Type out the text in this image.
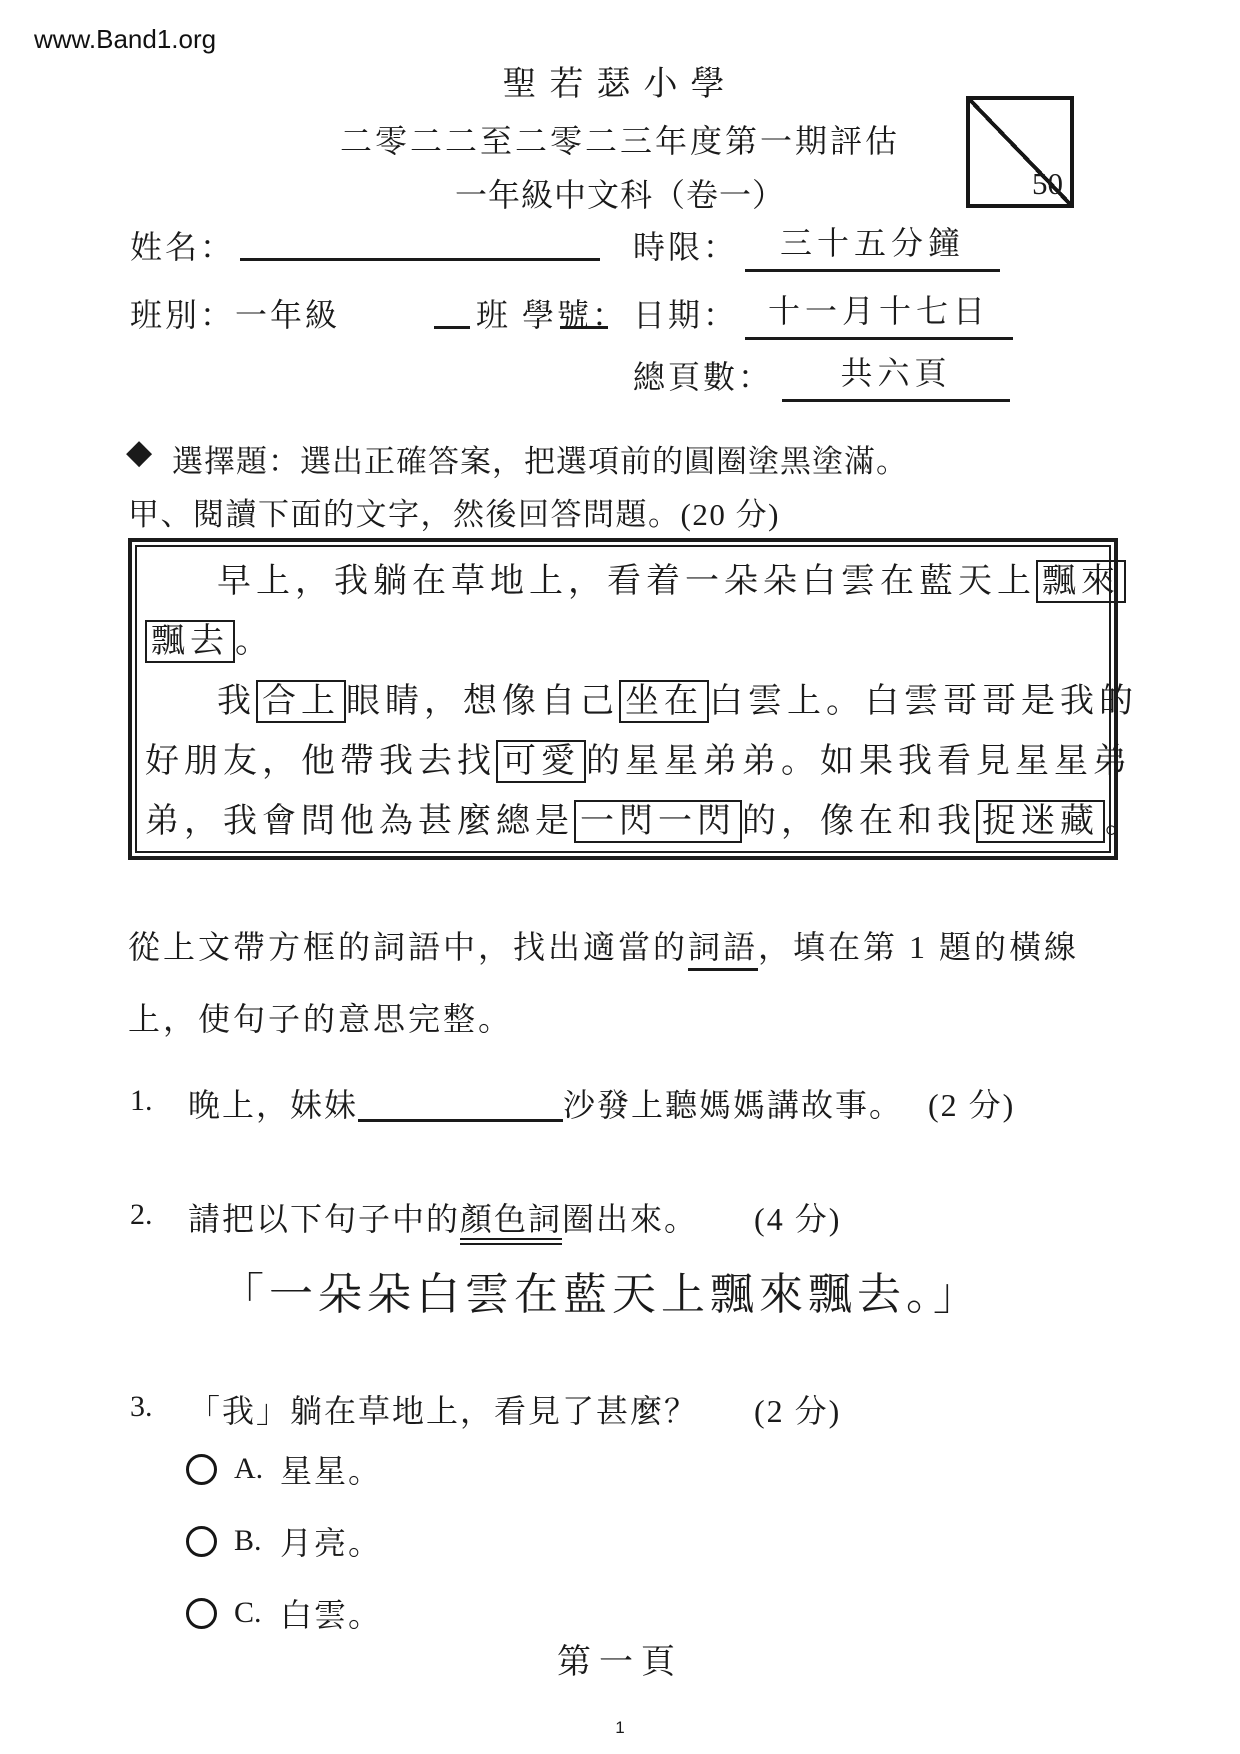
www.Band1.org
聖若瑟小學
二零二二至二零二三年度第一期評估
一年級中文科（卷一）	50
姓名：	時限：	三十五分鐘
班別：一年級	班 學號： 日期： 十一月十七日
總頁數：	共六頁
◆ 選擇題：選出正確答案，把選項前的圓圈塗黑塗滿。
甲、閱讀下面的文字，然後回答問題。(20 分)
早上，我躺在草地上，看着一朵朵白雲在藍天上 飄來
飄去 。
我 合上 眼睛，想像自己 坐在 白雲上。白雲哥哥是我的
好朋友，他帶我去找 可愛 的星星弟弟。如果我看見星星弟
弟，我會問他為甚麼總是 一閃一閃 的，像在和我 捉迷藏 。
從上文帶方框的詞語中，找出適當的詞語，填在第 1 題的橫線
上，使句子的意思完整。
1. 晚上，妹妹	沙發上聽媽媽講故事。 (2 分)
2. 請把以下句子中的顏色詞圈出來。 (4 分)
「一朵朵白雲在藍天上飄來飄去。」
3. 「我」躺在草地上，看見了甚麼？ (2 分)
A. 星星。
B. 月亮。
C. 白雲。
第一頁
1
